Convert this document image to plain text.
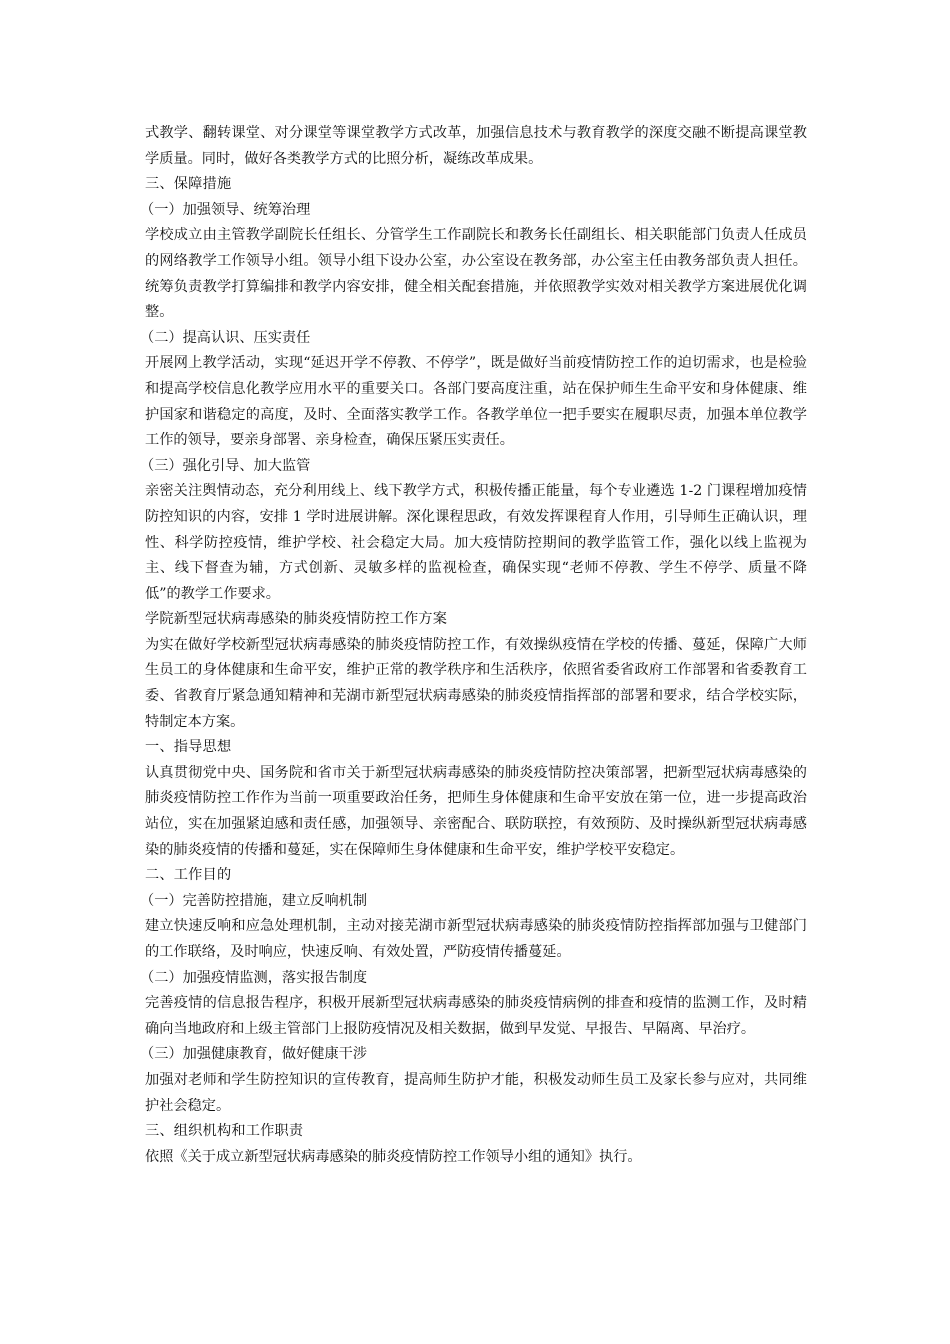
式教学、翻转课堂、对分课堂等课堂教学方式改革，加强信息技术与教育教学的深度交融不断提高课堂教学质量。同时，做好各类教学方式的比照分析，凝练改革成果。

三、保障措施

（一）加强领导、统筹治理

学校成立由主管教学副院长任组长、分管学生工作副院长和教务长任副组长、相关职能部门负责人任成员的网络教学工作领导小组。领导小组下设办公室，办公室设在教务部，办公室主任由教务部负责人担任。统筹负责教学打算编排和教学内容安排，健全相关配套措施，并依照教学实效对相关教学方案进展优化调整。

（二）提高认识、压实责任

开展网上教学活动，实现“延迟开学不停教、不停学”，既是做好当前疫情防控工作的迫切需求，也是检验和提高学校信息化教学应用水平的重要关口。各部门要高度注重，站在保护师生生命平安和身体健康、维护国家和谐稳定的高度，及时、全面落实教学工作。各教学单位一把手要实在履职尽责，加强本单位教学工作的领导，要亲身部署、亲身检查，确保压紧压实责任。

（三）强化引导、加大监管

亲密关注舆情动态，充分利用线上、线下教学方式，积极传播正能量，每个专业遴选 1-2 门课程增加疫情防控知识的内容，安排 1 学时进展讲解。深化课程思政，有效发挥课程育人作用，引导师生正确认识，理性、科学防控疫情，维护学校、社会稳定大局。加大疫情防控期间的教学监管工作，强化以线上监视为主、线下督查为辅，方式创新、灵敏多样的监视检查，确保实现“老师不停教、学生不停学、质量不降低”的教学工作要求。

学院新型冠状病毒感染的肺炎疫情防控工作方案

为实在做好学校新型冠状病毒感染的肺炎疫情防控工作，有效操纵疫情在学校的传播、蔓延，保障广大师生员工的身体健康和生命平安，维护正常的教学秩序和生活秩序，依照省委省政府工作部署和省委教育工委、省教育厅紧急通知精神和芜湖市新型冠状病毒感染的肺炎疫情指挥部的部署和要求，结合学校实际，特制定本方案。

一、指导思想

认真贯彻党中央、国务院和省市关于新型冠状病毒感染的肺炎疫情防控决策部署，把新型冠状病毒感染的肺炎疫情防控工作作为当前一项重要政治任务，把师生身体健康和生命平安放在第一位，进一步提高政治站位，实在加强紧迫感和责任感，加强领导、亲密配合、联防联控，有效预防、及时操纵新型冠状病毒感染的肺炎疫情的传播和蔓延，实在保障师生身体健康和生命平安，维护学校平安稳定。

二、工作目的

（一）完善防控措施，建立反响机制

建立快速反响和应急处理机制，主动对接芜湖市新型冠状病毒感染的肺炎疫情防控指挥部加强与卫健部门的工作联络，及时响应，快速反响、有效处置，严防疫情传播蔓延。

（二）加强疫情监测，落实报告制度

完善疫情的信息报告程序，积极开展新型冠状病毒感染的肺炎疫情病例的排查和疫情的监测工作，及时精确向当地政府和上级主管部门上报防疫情况及相关数据，做到早发觉、早报告、早隔离、早治疗。

（三）加强健康教育，做好健康干涉

加强对老师和学生防控知识的宣传教育，提高师生防护才能，积极发动师生员工及家长参与应对，共同维护社会稳定。

三、组织机构和工作职责

依照《关于成立新型冠状病毒感染的肺炎疫情防控工作领导小组的通知》执行。
